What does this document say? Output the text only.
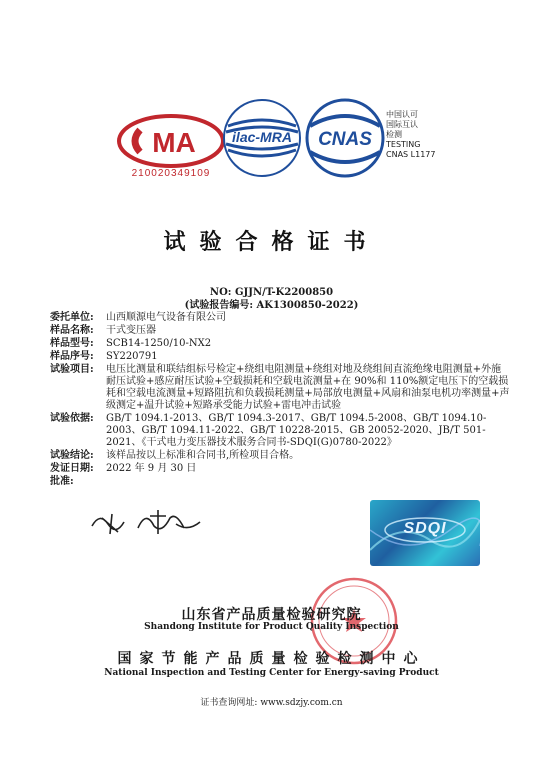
MA
210020349109
ilac-MRA CNAS
中国认可
国际互认
检测
TESTING
CNAS L1177
试验合格证书
NO: GJJN/T-K2200850
(试验报告编号: AK1300850-2022)
委托单位:	山西顺源电气设备有限公司
样品名称:	干式变压器
样品型号:	SCB14-1250/10-NX2
样品序号:	SY220791
试验项目:	电压比测量和联结组标号检定+绕组电阻测量+绕组对地及绕组间直流绝缘电阻测量+外施耐压试验+感应耐压试验+空载损耗和空载电流测量+在 90%和 110%额定电压下的空载损耗和空载电流测量+短路阻抗和负载损耗测量+局部放电测量+风扇和油泵电机功率测量+声级测定+温升试验+短路承受能力试验+雷电冲击试验
试验依据:	GB/T 1094.1-2013、GB/T 1094.3-2017、GB/T 1094.5-2008、GB/T 1094.10-2003、GB/T 1094.11-2022、GB/T 10228-2015、GB 20052-2020、JB/T 501-2021、《干式电力变压器技术服务合同书-SDQI(G)0780-2022》
试验结论:	该样品按以上标准和合同书,所检项目合格。
发证日期:	2022 年 9 月 30 日
批准:
SDQI
山东省产品质量检验研究院
Shandong Institute for Product Quality Inspection
国家节能产品质量检验检测中心
National Inspection and Testing Center for Energy-saving Product
证书查询网址: www.sdzjy.com.cn
